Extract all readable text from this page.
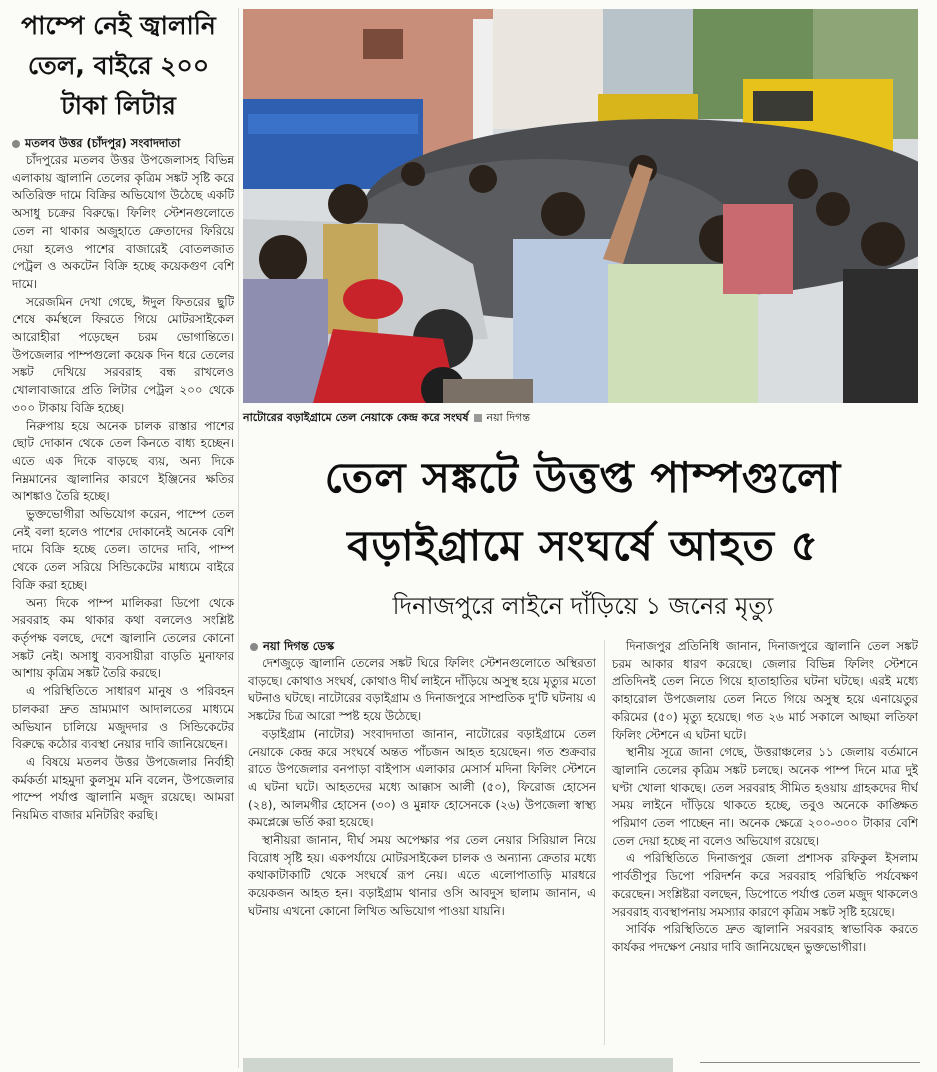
পাম্পে নেই জ্বালানি তেল, বাইরে ২০০ টাকা লিটার
মতলব উত্তর (চাঁদপুর) সংবাদদাতা

চাঁদপুরের মতলব উত্তর উপজেলাসহ বিভিন্ন এলাকায় জ্বালানি তেলের কৃত্রিম সঙ্কট সৃষ্টি করে অতিরিক্ত দামে বিক্রির অভিযোগ উঠেছে একটি অসাধু চক্রের বিরুদ্ধে। ফিলিং স্টেশনগুলোতে তেল না থাকার অজুহাতে ক্রেতাদের ফিরিয়ে দেয়া হলেও পাশের বাজারেই বোতলজাত পেট্রল ও অকটেন বিক্রি হচ্ছে কয়েকগুণ বেশি দামে।

সরেজমিন দেখা গেছে, ঈদুল ফিতরের ছুটি শেষে কর্মস্থলে ফিরতে গিয়ে মোটরসাইকেল আরোহীরা পড়েছেন চরম ভোগান্তিতে। উপজেলার পাম্পগুলো কয়েক দিন ধরে তেলের সঙ্কট দেখিয়ে সরবরাহ বন্ধ রাখলেও খোলাবাজারে প্রতি লিটার পেট্রল ২০০ থেকে ৩০০ টাকায় বিক্রি হচ্ছে।

নিরুপায় হয়ে অনেক চালক রাস্তার পাশের ছোট দোকান থেকে তেল কিনতে বাধ্য হচ্ছেন। এতে এক দিকে বাড়ছে ব্যয়, অন্য দিকে নিম্নমানের জ্বালানির কারণে ইঞ্জিনের ক্ষতির আশঙ্কাও তৈরি হচ্ছে।

ভুক্তভোগীরা অভিযোগ করেন, পাম্পে তেল নেই বলা হলেও পাশের দোকানেই অনেক বেশি দামে বিক্রি হচ্ছে তেল। তাদের দাবি, পাম্প থেকে তেল সরিয়ে সিন্ডিকেটের মাধ্যমে বাইরে বিক্রি করা হচ্ছে।

অন্য দিকে পাম্প মালিকরা ডিপো থেকে সরবরাহ কম থাকার কথা বললেও সংশ্লিষ্ট কর্তৃপক্ষ বলছে, দেশে জ্বালানি তেলের কোনো সঙ্কট নেই। অসাধু ব্যবসায়ীরা বাড়তি মুনাফার আশায় কৃত্রিম সঙ্কট তৈরি করছে।

এ পরিস্থিতিতে সাধারণ মানুষ ও পরিবহন চালকরা দ্রুত ভ্রাম্যমাণ আদালতের মাধ্যমে অভিযান চালিয়ে মজুদদার ও সিন্ডিকেটের বিরুদ্ধে কঠোর ব্যবস্থা নেয়ার দাবি জানিয়েছেন।

এ বিষয়ে মতলব উত্তর উপজেলার নির্বাহী কর্মকর্তা মাহমুদা কুলসুম মনি বলেন, উপজেলার পাম্পে পর্যাপ্ত জ্বালানি মজুদ রয়েছে। আমরা নিয়মিত বাজার মনিটরিং করছি।

নাটোরের বড়াইগ্রামে তেল নেয়াকে কেন্দ্র করে সংঘর্ষ নয়া দিগন্ত
তেল সঙ্কটে উত্তপ্ত পাম্পগুলো
বড়াইগ্রামে সংঘর্ষে আহত ৫
দিনাজপুরে লাইনে দাঁড়িয়ে ১ জনের মৃত্যু
নয়া দিগন্ত ডেস্ক

দেশজুড়ে জ্বালানি তেলের সঙ্কট ঘিরে ফিলিং স্টেশনগুলোতে অস্থিরতা বাড়ছে। কোথাও সংঘর্ষ, কোথাও দীর্ঘ লাইনে দাঁড়িয়ে অসুস্থ হয়ে মৃত্যুর মতো ঘটনাও ঘটছে। নাটোরের বড়াইগ্রাম ও দিনাজপুরে সাম্প্রতিক দু'টি ঘটনায় এ সঙ্কটের চিত্র আরো স্পষ্ট হয়ে উঠেছে।

বড়াইগ্রাম (নাটোর) সংবাদদাতা জানান, নাটোরের বড়াইগ্রামে তেল নেয়াকে কেন্দ্র করে সংঘর্ষে অন্তত পাঁচজন আহত হয়েছেন। গত শুক্রবার রাতে উপজেলার বনপাড়া বাইপাস এলাকার মেসার্স মদিনা ফিলিং স্টেশনে এ ঘটনা ঘটে। আহতদের মধ্যে আক্কাস আলী (৫০), ফিরোজ হোসেন (২৪), আলমগীর হোসেন (৩০) ও মুন্নাফ হোসেনকে (২৬) উপজেলা স্বাস্থ্য কমপ্লেক্সে ভর্তি করা হয়েছে।

স্থানীয়রা জানান, দীর্ঘ সময় অপেক্ষার পর তেল নেয়ার সিরিয়াল নিয়ে বিরোধ সৃষ্টি হয়। একপর্যায়ে মোটরসাইকেল চালক ও অন্যান্য ক্রেতার মধ্যে কথাকাটাকাটি থেকে সংঘর্ষে রূপ নেয়। এতে এলোপাতাড়ি মারধরে কয়েকজন আহত হন। বড়াইগ্রাম থানার ওসি আবদুস ছালাম জানান, এ ঘটনায় এখনো কোনো লিখিত অভিযোগ পাওয়া যায়নি।

দিনাজপুর প্রতিনিধি জানান, দিনাজপুরে জ্বালানি তেল সঙ্কট চরম আকার ধারণ করেছে। জেলার বিভিন্ন ফিলিং স্টেশনে প্রতিদিনই তেল নিতে গিয়ে হাতাহাতির ঘটনা ঘটছে। এরই মধ্যে কাহারোল উপজেলায় তেল নিতে গিয়ে অসুস্থ হয়ে এনায়েতুর করিমের (৫০) মৃত্যু হয়েছে। গত ২৬ মার্চ সকালে আছমা লতিফা ফিলিং স্টেশনে এ ঘটনা ঘটে।

স্থানীয় সূত্রে জানা গেছে, উত্তরাঞ্চলের ১১ জেলায় বর্তমানে জ্বালানি তেলের কৃত্রিম সঙ্কট চলছে। অনেক পাম্প দিনে মাত্র দুই ঘণ্টা খোলা থাকছে। তেল সরবরাহ সীমিত হওয়ায় গ্রাহকদের দীর্ঘ সময় লাইনে দাঁড়িয়ে থাকতে হচ্ছে, তবুও অনেকে কাঙ্ক্ষিত পরিমাণ তেল পাচ্ছেন না। অনেক ক্ষেত্রে ২০০-৩০০ টাকার বেশি তেল দেয়া হচ্ছে না বলেও অভিযোগ রয়েছে।

এ পরিস্থিতিতে দিনাজপুর জেলা প্রশাসক রফিকুল ইসলাম পার্বতীপুর ডিপো পরিদর্শন করে সরবরাহ পরিস্থিতি পর্যবেক্ষণ করেছেন। সংশ্লিষ্টরা বলছেন, ডিপোতে পর্যাপ্ত তেল মজুদ থাকলেও সরবরাহ ব্যবস্থাপনায় সমস্যার কারণে কৃত্রিম সঙ্কট সৃষ্টি হয়েছে।

সার্বিক পরিস্থিতিতে দ্রুত জ্বালানি সরবরাহ স্বাভাবিক করতে কার্যকর পদক্ষেপ নেয়ার দাবি জানিয়েছেন ভুক্তভোগীরা।
